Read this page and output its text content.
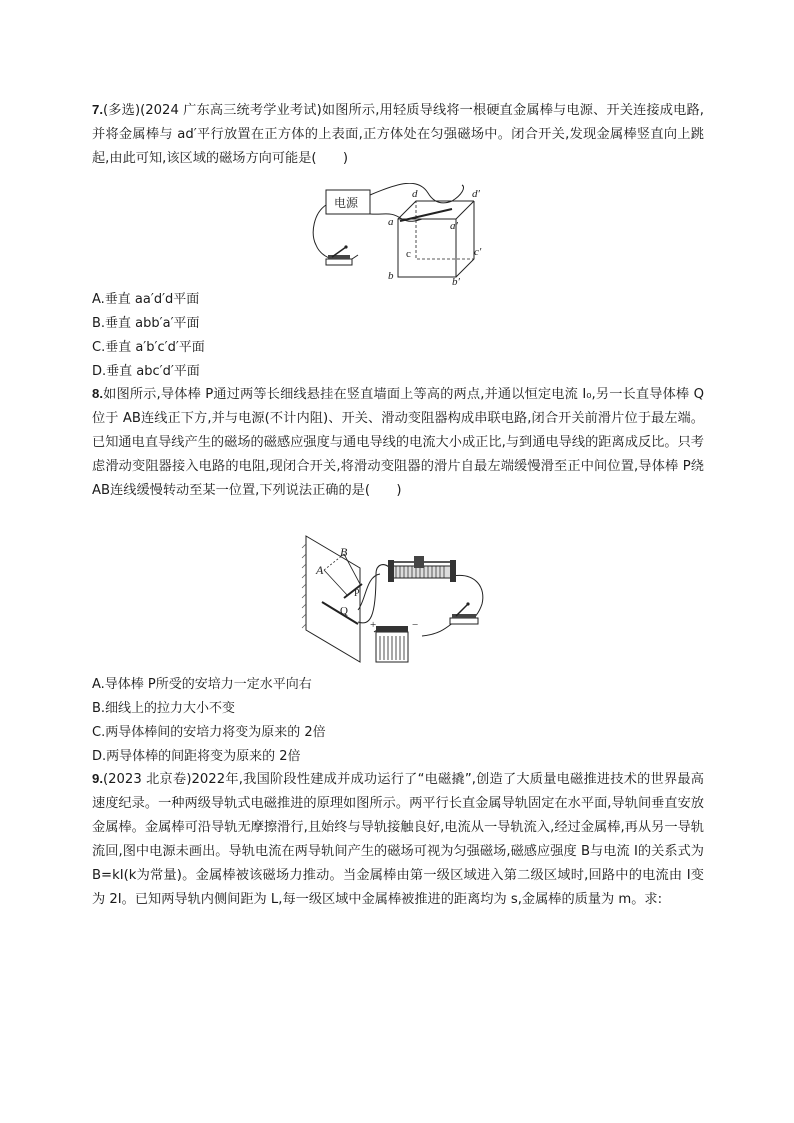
7.(多选)(2024 广东高三统考学业考试)如图所示,用轻质导线将一根硬直金属棒与电源、开关连接成电路,并将金属棒与 ad′平行放置在正方体的上表面,正方体处在匀强磁场中。闭合开关,发现金属棒竖直向上跳起,由此可知,该区域的磁场方向可能是(　　)
电源
d	d′
a	a′
c	c′
b	b′
A.垂直 aa′d′d平面
B.垂直 abb′a′平面
C.垂直 a′b′c′d′平面
D.垂直 abc′d′平面
8.如图所示,导体棒 P通过两等长细线悬挂在竖直墙面上等高的两点,并通以恒定电流 I₀,另一长直导体棒 Q位于 AB连线正下方,并与电源(不计内阻)、开关、滑动变阻器构成串联电路,闭合开关前滑片位于最左端。已知通电直导线产生的磁场的磁感应强度与通电导线的电流大小成正比,与到通电导线的距离成反比。只考虑滑动变阻器接入电路的电阻,现闭合开关,将滑动变阻器的滑片自最左端缓慢滑至正中间位置,导体棒 P绕 AB连线缓慢转动至某一位置,下列说法正确的是(　　)
A
B
P
Q
+	−
A.导体棒 P所受的安培力一定水平向右
B.细线上的拉力大小不变
C.两导体棒间的安培力将变为原来的 2倍
D.两导体棒的间距将变为原来的 2倍
9.(2023 北京卷)2022年,我国阶段性建成并成功运行了“电磁撬”,创造了大质量电磁推进技术的世界最高速度纪录。一种两级导轨式电磁推进的原理如图所示。两平行长直金属导轨固定在水平面,导轨间垂直安放金属棒。金属棒可沿导轨无摩擦滑行,且始终与导轨接触良好,电流从一导轨流入,经过金属棒,再从另一导轨流回,图中电源未画出。导轨电流在两导轨间产生的磁场可视为匀强磁场,磁感应强度 B与电流 I的关系式为 B=kI(k为常量)。金属棒被该磁场力推动。当金属棒由第一级区域进入第二级区域时,回路中的电流由 I变为 2I。已知两导轨内侧间距为 L,每一级区域中金属棒被推进的距离均为 s,金属棒的质量为 m。求:
